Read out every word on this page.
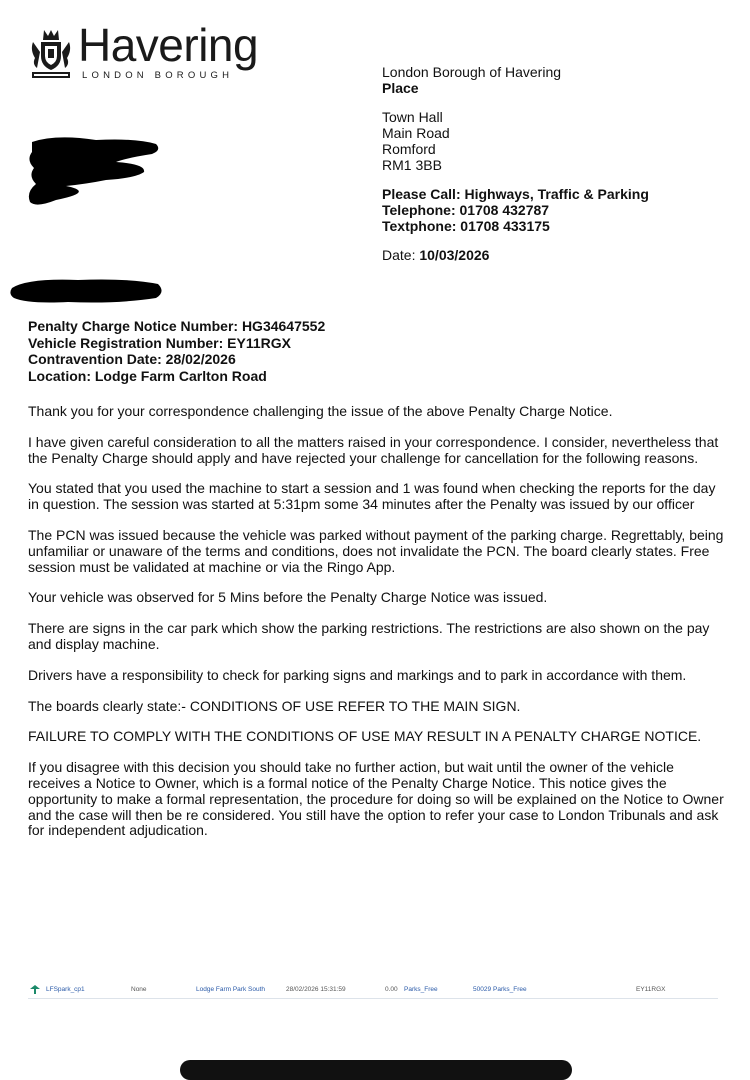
Havering
LONDON BOROUGH	London Borough of Havering

Place

Town Hall

Main Road

Romford

RM1 3BB

Please Call: Highways, Traffic & Parking

Telephone: 01708 432787

Textphone: 01708 433175

Date: 10/03/2026

Penalty Charge Notice Number: HG34647552
Vehicle Registration Number: EY11RGX
Contravention Date: 28/02/2026
Location: Lodge Farm Carlton Road

Thank you for your correspondence challenging the issue of the above Penalty Charge Notice.

I have given careful consideration to all the matters raised in your correspondence. I consider, nevertheless that the Penalty Charge should apply and have rejected your challenge for cancellation for the following reasons.

You stated that you used the machine to start a session and 1 was found when checking the reports for the day in question. The session was started at 5:31pm some 34 minutes after the Penalty was issued by our officer

The PCN was issued because the vehicle was parked without payment of the parking charge. Regrettably, being unfamiliar or unaware of the terms and conditions, does not invalidate the PCN. The board clearly states. Free session must be validated at machine or via the Ringo App.

Your vehicle was observed for 5 Mins before the Penalty Charge Notice was issued.

There are signs in the car park which show the parking restrictions. The restrictions are also shown on the pay and display machine.

Drivers have a responsibility to check for parking signs and markings and to park in accordance with them.

The boards clearly state:- CONDITIONS OF USE REFER TO THE MAIN SIGN.

FAILURE TO COMPLY WITH THE CONDITIONS OF USE MAY RESULT IN A PENALTY CHARGE NOTICE.

If you disagree with this decision you should take no further action, but wait until the owner of the vehicle receives a Notice to Owner, which is a formal notice of the Penalty Charge Notice. This notice gives the opportunity to make a formal representation, the procedure for doing so will be explained on the Notice to Owner and the case will then be re considered. You still have the option to refer your case to London Tribunals and ask for independent adjudication.

LFSpark_cp1	None	Lodge Farm Park South	28/02/2026 15:31:59	0.00 Parks_Free	50029 Parks_Free	EY11RGX
